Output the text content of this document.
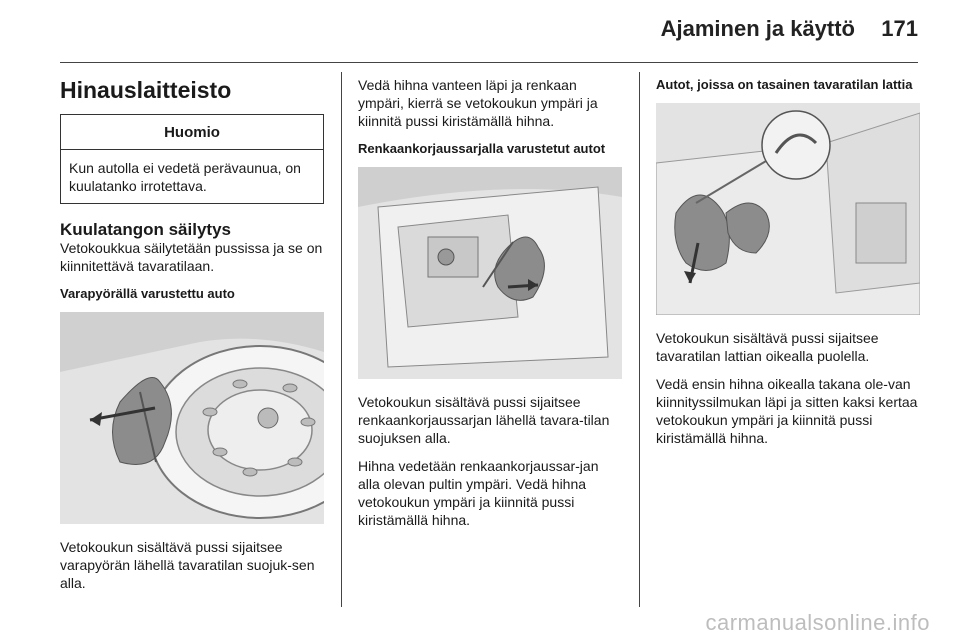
Ajaminen ja käyttö 171
Hinauslaitteisto
Huomio
Kun autolla ei vedetä perävaunua, on kuulatanko irrotettava.
Kuulatangon säilytys

Vetokoukkua säilytetään pussissa ja se on kiinnitettävä tavaratilaan.

Varapyörällä varustettu auto

Vetokoukun sisältävä pussi sijaitsee varapyörän lähellä tavaratilan suojuk-sen alla.

Vedä hihna vanteen läpi ja renkaan ympäri, kierrä se vetokoukun ympäri ja kiinnitä pussi kiristämällä hihna.

Renkaankorjaussarjalla varustetut autot

Vetokoukun sisältävä pussi sijaitsee renkaankorjaussarjan lähellä tavara-tilan suojuksen alla.

Hihna vedetään renkaankorjaussar-jan alla olevan pultin ympäri. Vedä hihna vetokoukun ympäri ja kiinnitä pussi kiristämällä hihna.

Autot, joissa on tasainen tavaratilan lattia

Vetokoukun sisältävä pussi sijaitsee tavaratilan lattian oikealla puolella.

Vedä ensin hihna oikealla takana ole-van kiinnityssilmukan läpi ja sitten kaksi kertaa vetokoukun ympäri ja kiinnitä pussi kiristämällä hihna.

carmanualsonline.info
